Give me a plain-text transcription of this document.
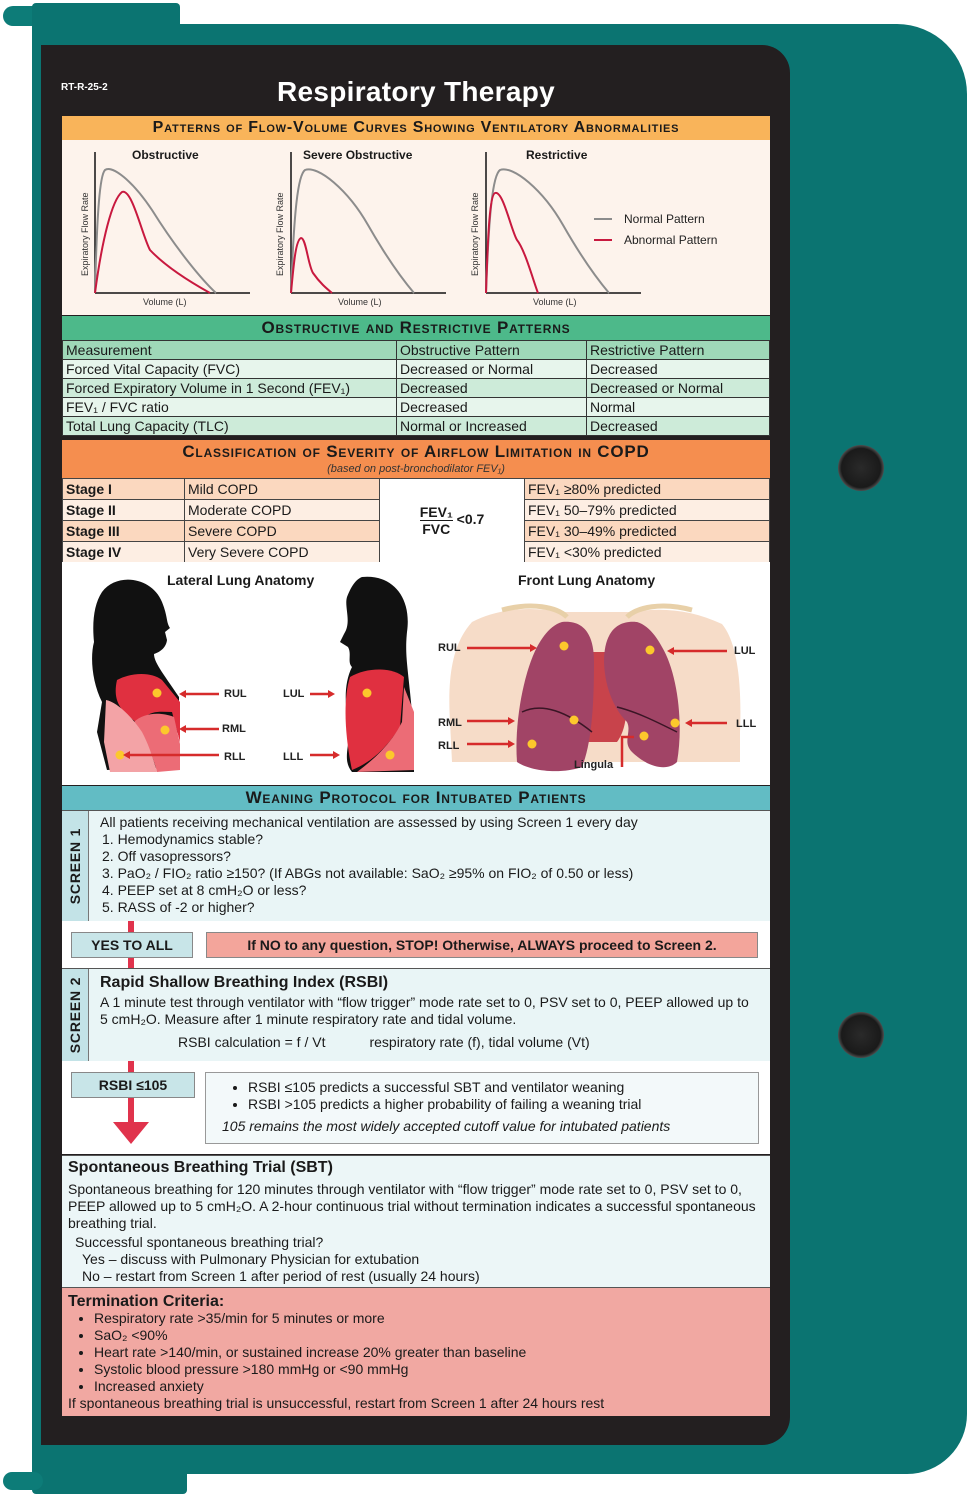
RT-R-25-2	Respiratory Therapy
Patterns of Flow-Volume Curves Showing Ventilatory Abnormalities
Obstructive
Expiratory Flow Rate
Volume (L)
Severe Obstructive
Expiratory Flow Rate
Volume (L)
Restrictive
Expiratory Flow Rate
Volume (L)
Normal Pattern
Abnormal Pattern
Obstructive and Restrictive Patterns
Measurement	Obstructive Pattern	Restrictive Pattern
Forced Vital Capacity (FVC)	Decreased or Normal	Decreased
Forced Expiratory Volume in 1 Second (FEV₁)	Decreased	Decreased or Normal
FEV₁ / FVC ratio	Decreased	Normal
Total Lung Capacity (TLC)	Normal or Increased	Decreased
Classification of Severity of Airflow Limitation in COPD
(based on post-bronchodilator FEV₁)
Stage I	Mild COPD	$\frac{\text{FEV₁}}{\text{FVC}} <0.7$	FEV₁ ≥80% predicted
Stage II	Moderate COPD		FEV₁ 50–79% predicted
Stage III	Severe COPD		FEV₁ 30–49% predicted
Stage IV	Very Severe COPD		FEV₁ <30% predicted
Lateral Lung Anatomy	Front Lung Anatomy
RUL
RML
RLL
LUL
LLL
RUL
RML
RLL
LUL
LLL
Lingula
Weaning Protocol for Intubated Patients
SCREEN 1
All patients receiving mechanical ventilation are assessed by using Screen 1 every day
1. Hemodynamics stable?
2. Off vasopressors?
3. PaO₂ / FIO₂ ratio ≥150? (If ABGs not available: SaO₂ ≥95% on FIO₂ of 0.50 or less)
4. PEEP set at 8 cmH₂O or less?
5. RASS of -2 or higher?
YES TO ALL	If NO to any question, STOP! Otherwise, ALWAYS proceed to Screen 2.
SCREEN 2 Rapid Shallow Breathing Index (RSBI)
A 1 minute test through ventilator with “flow trigger” mode rate set to 0, PSV set to 0, PEEP allowed up to 5 cmH₂O. Measure after 1 minute respiratory rate and tidal volume.
RSBI calculation = f / Vt	respiratory rate (f), tidal volume (Vt)
RSBI ≤105	• RSBI ≤105 predicts a successful SBT and ventilator weaning
• RSBI >105 predicts a higher probability of failing a weaning trial
105 remains the most widely accepted cutoff value for intubated patients
Spontaneous Breathing Trial (SBT)
Spontaneous breathing for 120 minutes through ventilator with “flow trigger” mode rate set to 0, PSV set to 0, PEEP allowed up to 5 cmH₂O. A 2-hour continuous trial without termination indicates a successful spontaneous breathing trial.
Successful spontaneous breathing trial?
Yes – discuss with Pulmonary Physician for extubation
No – restart from Screen 1 after period of rest (usually 24 hours)
Termination Criteria:
• Respiratory rate >35/min for 5 minutes or more
• SaO₂ <90%
• Heart rate >140/min, or sustained increase 20% greater than baseline
• Systolic blood pressure >180 mmHg or <90 mmHg
• Increased anxiety
If spontaneous breathing trial is unsuccessful, restart from Screen 1 after 24 hours rest
